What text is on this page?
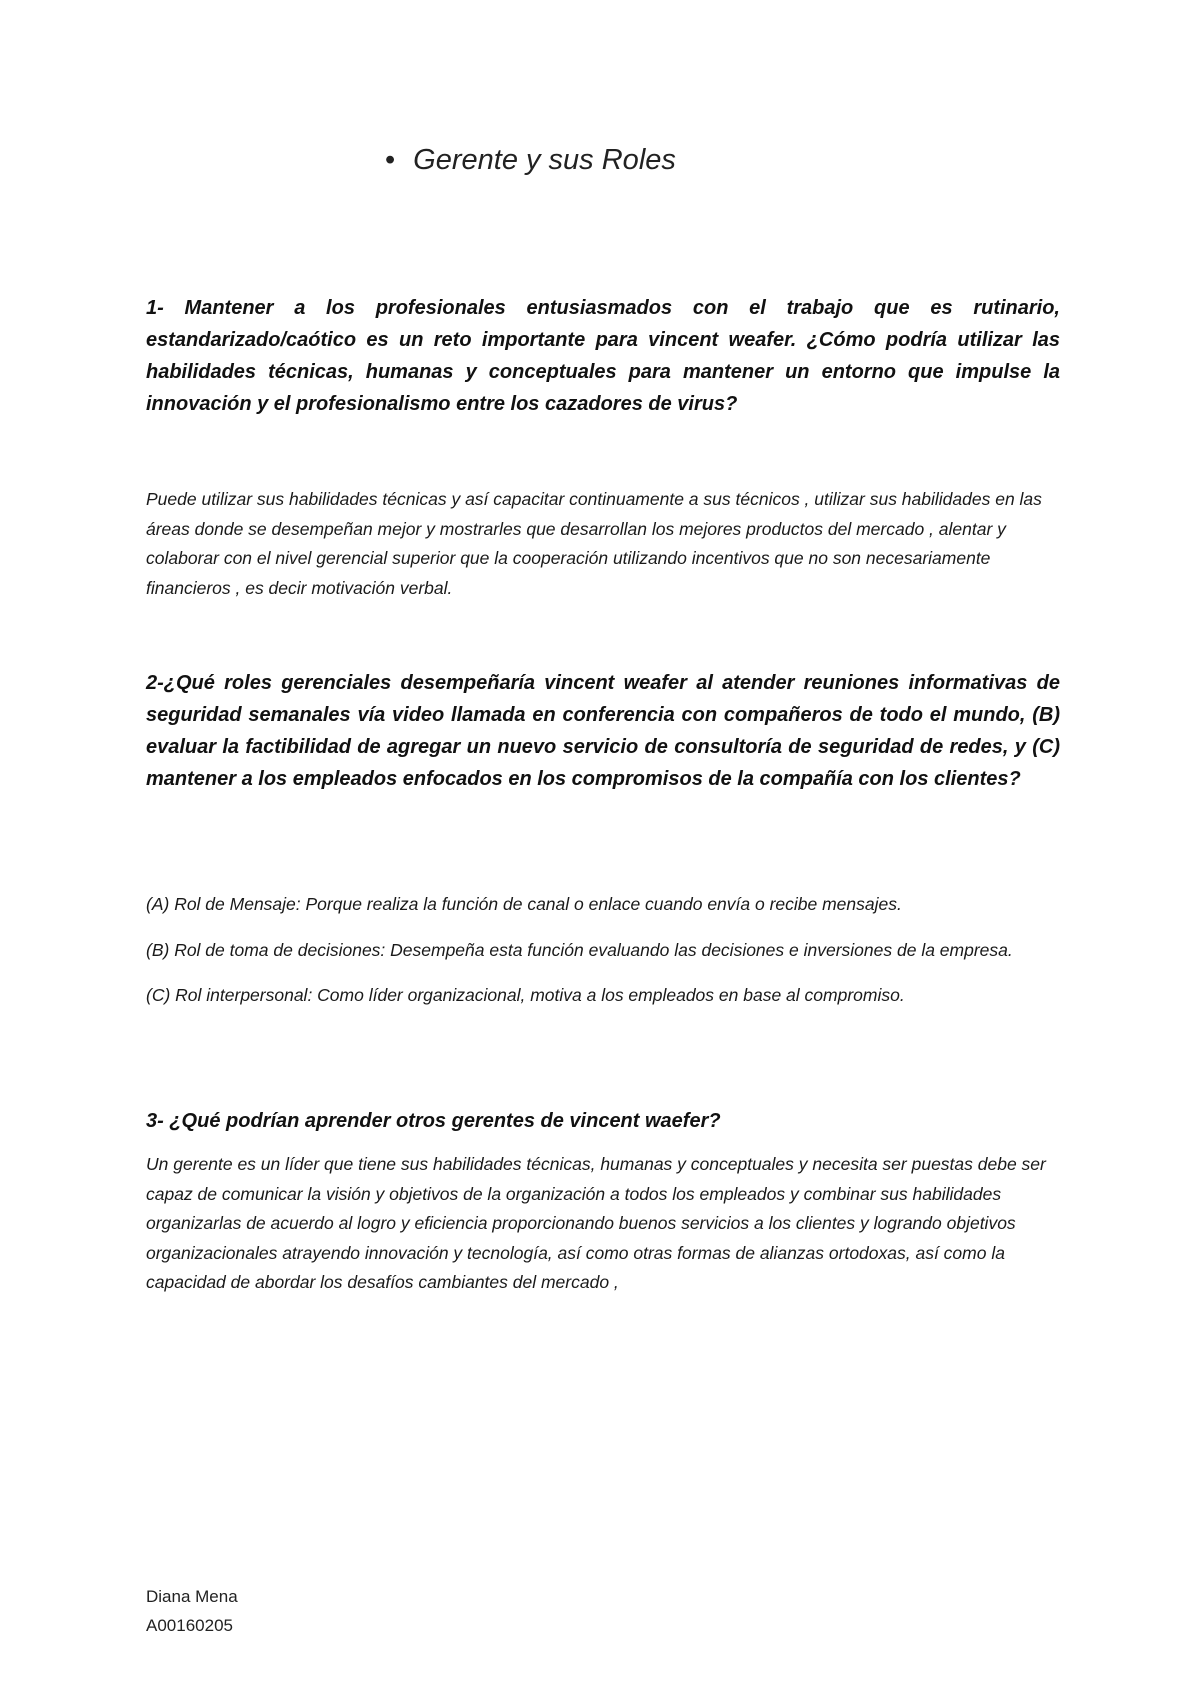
• Gerente y sus Roles
1- Mantener a los profesionales entusiasmados con el trabajo que es rutinario, estandarizado/caótico es un reto importante para vincent weafer. ¿Cómo podría utilizar las habilidades técnicas, humanas y conceptuales para mantener un entorno que impulse la innovación y el profesionalismo entre los cazadores de virus?

Puede utilizar sus habilidades técnicas y así capacitar continuamente a sus técnicos , utilizar sus habilidades en las áreas donde se desempeñan mejor y mostrarles que desarrollan los mejores productos del mercado , alentar y colaborar con el nivel gerencial superior que la cooperación utilizando incentivos que no son necesariamente financieros , es decir motivación verbal.

2-¿Qué roles gerenciales desempeñaría vincent weafer al atender reuniones informativas de seguridad semanales vía video llamada en conferencia con compañeros de todo el mundo, (B) evaluar la factibilidad de agregar un nuevo servicio de consultoría de seguridad de redes, y (C) mantener a los empleados enfocados en los compromisos de la compañía con los clientes?

(A) Rol de Mensaje: Porque realiza la función de canal o enlace cuando envía o recibe mensajes.

(B) Rol de toma de decisiones: Desempeña esta función evaluando las decisiones e inversiones de la empresa.

(C) Rol interpersonal: Como líder organizacional, motiva a los empleados en base al compromiso.

3- ¿Qué podrían aprender otros gerentes de vincent waefer?

Un gerente es un líder que tiene sus habilidades técnicas, humanas y conceptuales y necesita ser puestas debe ser capaz de comunicar la visión y objetivos de la organización a todos los empleados y combinar sus habilidades organizarlas de acuerdo al logro y eficiencia proporcionando buenos servicios a los clientes y logrando objetivos organizacionales atrayendo innovación y tecnología, así como otras formas de alianzas ortodoxas, así como la capacidad de abordar los desafíos cambiantes del mercado ,

Diana Mena
A00160205
